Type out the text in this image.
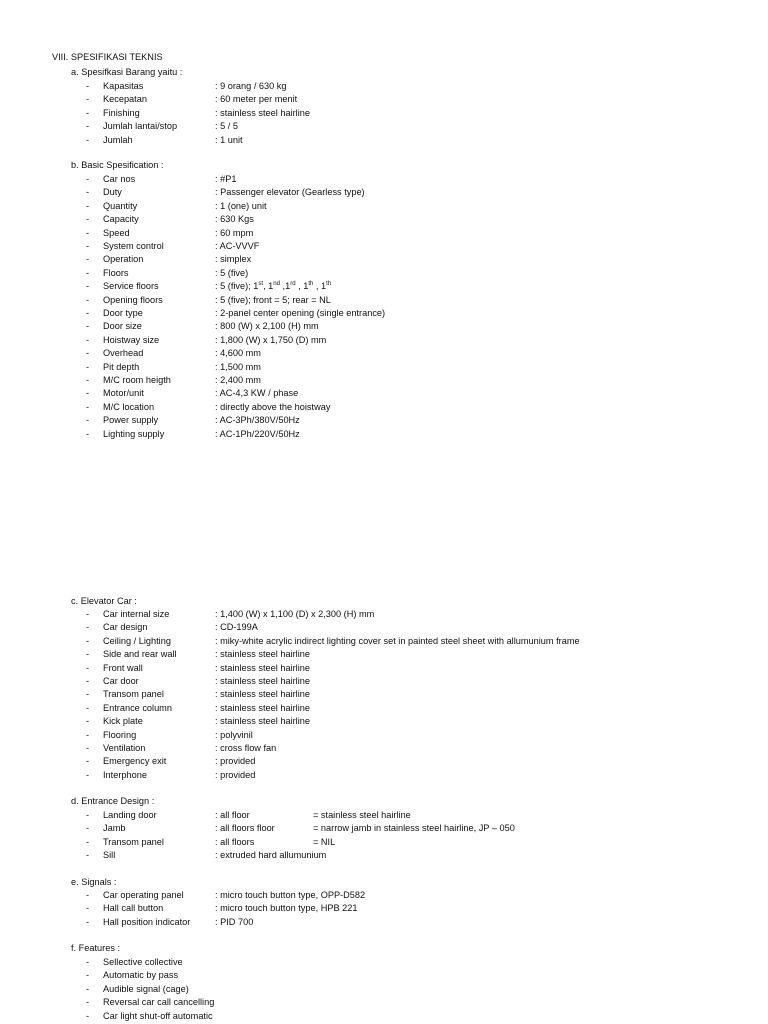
VIII. SPESIFIKASI TEKNIS
a. Spesifkasi Barang yaitu :
- Kapasitas	: 9 orang / 630 kg
- Kecepatan	: 60 meter per menit
- Finishing	: stainless steel hairline
- Jumlah lantai/stop	: 5 / 5
- Jumlah	: 1 unit
b. Basic Spesification :
- Car nos	: #P1
- Duty	: Passenger elevator (Gearless type)
- Quantity	: 1 (one) unit
- Capacity	: 630 Kgs
- Speed	: 60 mpm
- System control	: AC-VVVF
- Operation	: simplex
- Floors	: 5 (five)
- Service floors	: 5 (five); 1st, 1nd ,1rd , 1th , 1th
- Opening floors	: 5 (five); front = 5; rear = NL
- Door type	: 2-panel center opening (single entrance)
- Door size	: 800 (W) x 2,100 (H) mm
- Hoistway size	: 1,800 (W) x 1,750 (D) mm
- Overhead	: 4,600 mm
- Pit depth	: 1,500 mm
- M/C room heigth	: 2,400 mm
- Motor/unit	: AC-4,3 KW / phase
- M/C location	: directly above the hoistway
- Power supply	: AC-3Ph/380V/50Hz
- Lighting supply	: AC-1Ph/220V/50Hz
c. Elevator Car :
- Car internal size	: 1,400 (W) x 1,100 (D) x 2,300 (H) mm
- Car design	: CD-199A
- Ceiling / Lighting	: miky-white acrylic indirect lighting cover set in painted steel sheet with allumunium frame
- Side and rear wall	: stainless steel hairline
- Front wall	: stainless steel hairline
- Car door	: stainless steel hairline
- Transom panel	: stainless steel hairline
- Entrance column	: stainless steel hairline
- Kick plate	: stainless steel hairline
- Flooring	: polyvinil
- Ventilation	: cross flow fan
- Emergency exit	: provided
- Interphone	: provided
d. Entrance Design :
- Landing door	: all floor	= stainless steel hairline
- Jamb	: all floors floor	= narrow jamb in stainless steel hairline, JP – 050
- Transom panel	: all floors	= NIL
- Sill	: extruded hard allumunium
e. Signals :
- Car operating panel	: micro touch button type, OPP-D582
- Hall call button	: micro touch button type, HPB 221
- Hall position indicator	: PID 700
f. Features :
- Sellective collective
- Automatic by pass
- Audible signal (cage)
- Reversal car call cancelling
- Car light shut-off automatic
